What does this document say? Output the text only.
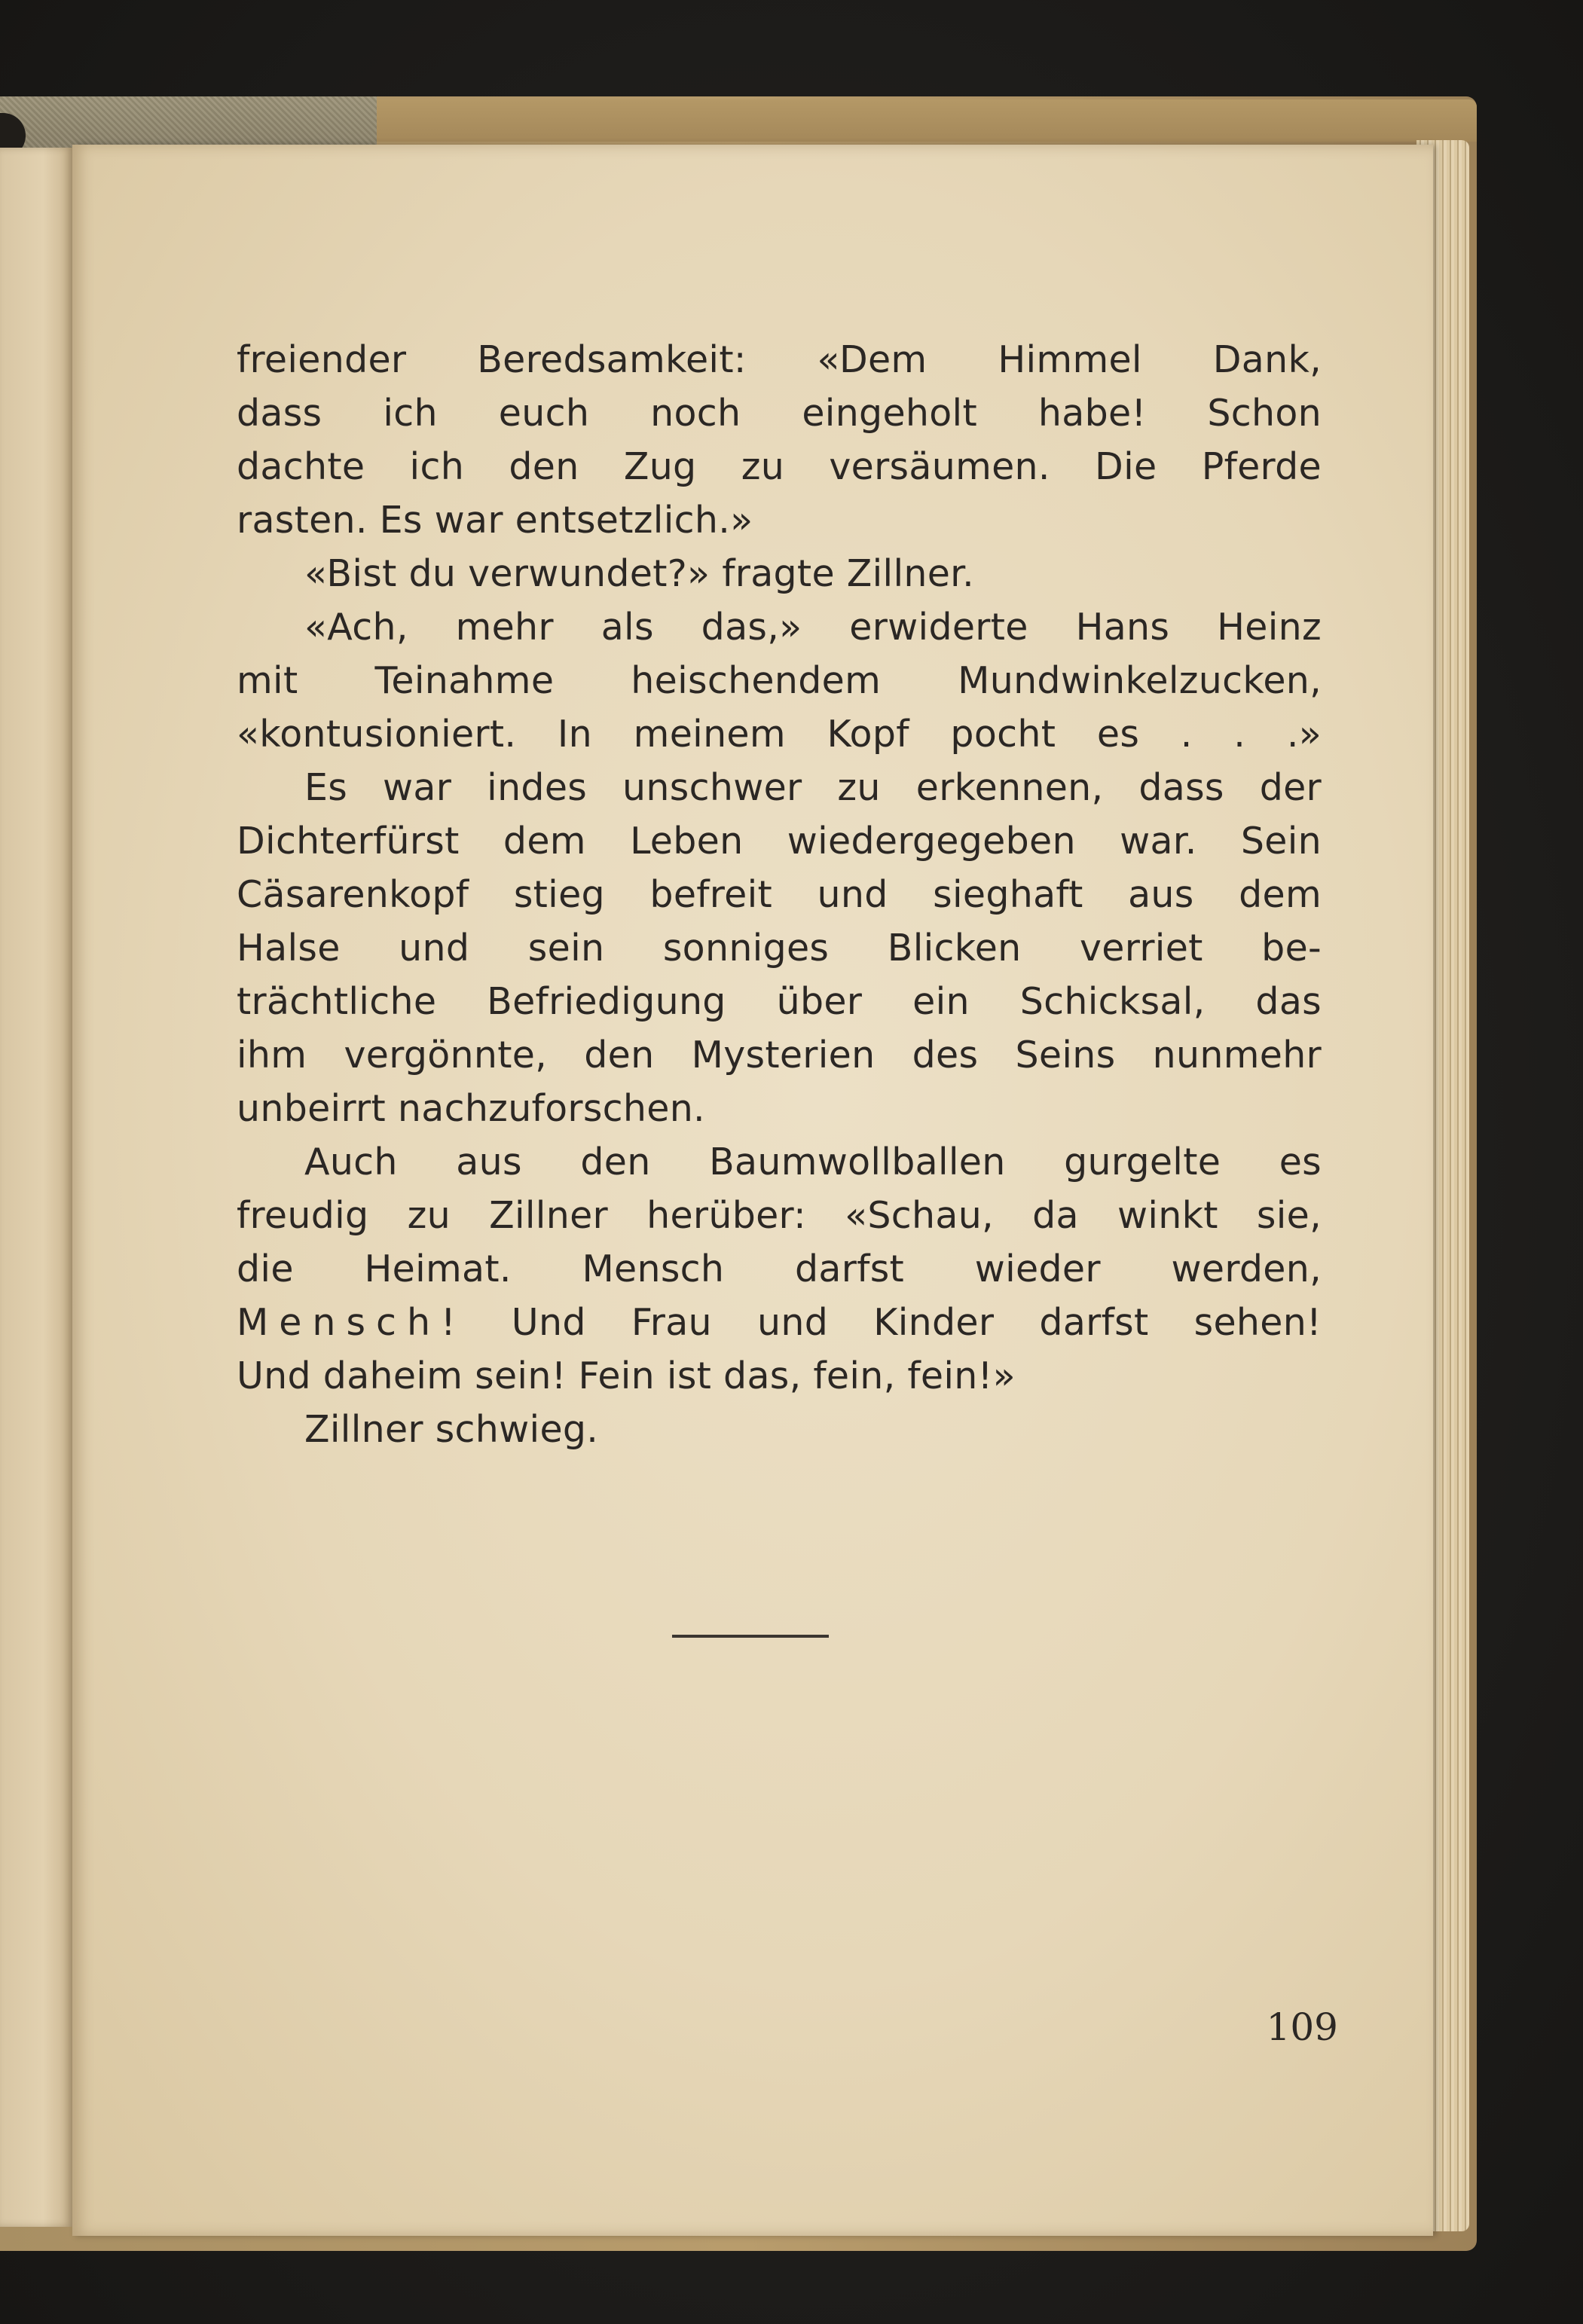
freiender Beredsamkeit: «Dem Himmel Dank,
dass ich euch noch eingeholt habe! Schon
dachte ich den Zug zu versäumen. Die Pferde
rasten. Es war entsetzlich.»
«Bist du verwundet?» fragte Zillner.
«Ach, mehr als das,» erwiderte Hans Heinz
mit Teinahme heischendem Mundwinkelzucken,
«kontusioniert. In meinem Kopf pocht es . . .»
Es war indes unschwer zu erkennen, dass der
Dichterfürst dem Leben wiedergegeben war. Sein
Cäsarenkopf stieg befreit und sieghaft aus dem
Halse und sein sonniges Blicken verriet be-
trächtliche Befriedigung über ein Schicksal, das
ihm vergönnte, den Mysterien des Seins nunmehr
unbeirrt nachzuforschen.
Auch aus den Baumwollballen gurgelte es
freudig zu Zillner herüber: «Schau, da winkt sie,
die Heimat. Mensch darfst wieder werden,
Mensch! Und Frau und Kinder darfst sehen!
Und daheim sein! Fein ist das, fein, fein!»
Zillner schwieg.
109
